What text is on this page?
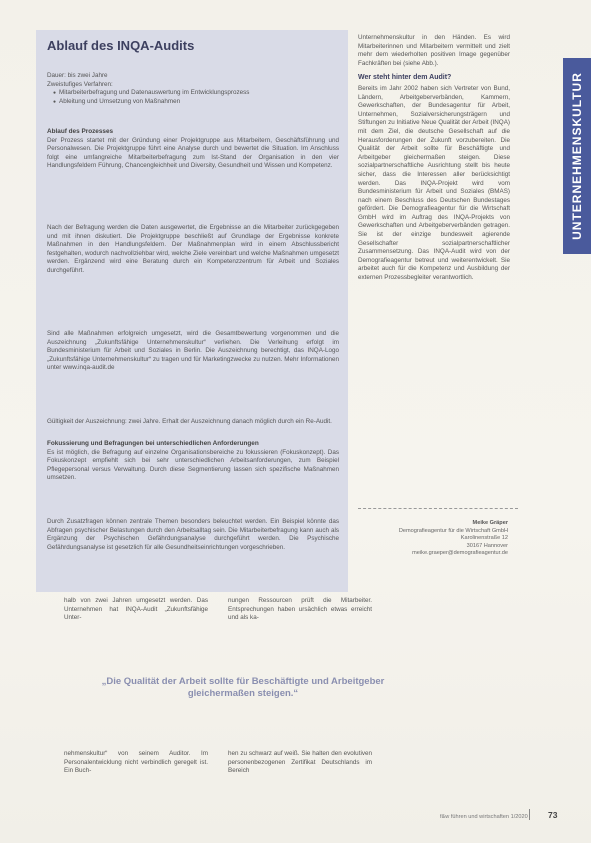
Ablauf des INQA-Audits
Dauer: bis zwei Jahre
Zweistufiges Verfahren:
● Mitarbeiterbefragung und Datenauswertung im Entwicklungsprozess
● Ableitung und Umsetzung von Maßnahmen
Ablauf des Prozesses

Der Prozess startet mit der Gründung einer Projektgruppe aus Mitarbeitern, Geschäftsführung und Personalwesen. Die Projektgruppe führt eine Analyse durch und bewertet die Situation. Im Anschluss folgt eine umfangreiche Mitarbeiterbefragung zum Ist-Stand der Organisation in den vier Handlungsfeldern Führung, Chancengleichheit und Diversity, Gesundheit und Wissen und Kompetenz.

Nach der Befragung werden die Daten ausgewertet, die Ergebnisse an die Mitarbeiter zurückgegeben und mit ihnen diskutiert. Die Projektgruppe beschließt auf Grundlage der Ergebnisse konkrete Maßnahmen in den Handlungsfeldern. Der Maßnahmenplan wird in einem Abschlussbericht festgehalten, wodurch nachvollziehbar wird, welche Ziele vereinbart und welche Maßnahmen umgesetzt werden. Ergänzend wird eine Beratung durch ein Kompetenzzentrum für Arbeit und Soziales durchgeführt.

Sind alle Maßnahmen erfolgreich umgesetzt, wird die Gesamtbewertung vorgenommen und die Auszeichnung „Zukunftsfähige Unternehmenskultur“ verliehen. Die Verleihung erfolgt im Bundesministerium für Arbeit und Soziales in Berlin. Die Auszeichnung berechtigt, das INQA-Logo „Zukunftsfähige Unternehmenskultur“ zu tragen und für Marketingzwecke zu nutzen. Mehr Informationen unter www.inqa-audit.de

Gültigkeit der Auszeichnung: zwei Jahre. Erhalt der Auszeichnung danach möglich durch ein Re-Audit.

Fokussierung und Befragungen bei unterschiedlichen Anforderungen

Es ist möglich, die Befragung auf einzelne Organisationsbereiche zu fokussieren (Fokuskonzept). Das Fokuskonzept empfiehlt sich bei sehr unterschiedlichen Arbeitsanforderungen, zum Beispiel Pflegepersonal versus Verwaltung. Durch diese Segmentierung lassen sich spezifische Maßnahmen umsetzen.

Durch Zusatzfragen können zentrale Themen besonders beleuchtet werden. Ein Beispiel könnte das Abfragen psychischer Belastungen durch den Arbeitsalltag sein. Die Mitarbeiterbefragung kann auch als Ergänzung der Psychischen Gefährdungsanalyse durchgeführt werden. Die Psychische Gefährdungsanalyse ist gesetzlich für alle Gesundheitseinrichtungen vorgeschrieben.

Unternehmenskultur in den Händen. Es wird Mitarbeiterinnen und Mitarbeitern vermittelt und zielt mehr dem wiederholten positiven Image gegenüber Fachkräften bei (siehe Abb.).

Wer steht hinter dem Audit?

Bereits im Jahr 2002 haben sich Vertreter von Bund, Ländern, Arbeitgeberverbänden, Kammern, Gewerkschaften, der Bundesagentur für Arbeit, Unternehmen, Sozialversicherungsträgern und Stiftungen zu Initiative Neue Qualität der Arbeit (INQA) mit dem Ziel, die deutsche Gesellschaft auf die Herausforderungen der Zukunft vorzubereiten. Die Qualität der Arbeit sollte für Beschäftigte und Arbeitgeber gleichermaßen steigen. Diese sozialpartnerschaftliche Ausrichtung stellt bis heute sicher, dass die Interessen aller berücksichtigt werden. Das INQA-Projekt wird vom Bundesministerium für Arbeit und Soziales (BMAS) nach einem Beschluss des Deutschen Bundestages gefördert. Die Demografieagentur für die Wirtschaft GmbH wird im Auftrag des INQA-Projekts von Gewerkschaften und Arbeitgeberverbänden getragen. Sie ist der einzige bundesweit agierende Gesellschafter sozialpartnerschaftlicher Zusammensetzung. Das INQA-Audit wird von der Demografieagentur betreut und weiterentwickelt. Sie arbeitet auch für die Kompetenz und Ausbildung der externen Prozessbegleiter verantwortlich.

UNTERNEHMENSKULTUR
Meike Gräper
Demografieagentur für die Wirtschaft GmbH
Karolinenstraße 12
30167 Hannover
meike.graeper@demografieagentur.de

halb von zwei Jahren umgesetzt werden. Das Unternehmen hat INQA-Audit „Zukunftsfähige Unter-

nungen Ressourcen prüft die Mitarbeiter. Entsprechungen haben ursächlich etwas erreicht und als ka-

„Die Qualität der Arbeit sollte für Beschäftigte und Arbeitgeber gleichermaßen steigen.“

nehmenskultur“ von seinem Auditor. Im Personalentwicklung nicht verbindlich geregelt ist. Ein Buch-

hen zu schwarz auf weiß. Sie halten den evolutiven personenbezogenen Zertifikat Deutschlands im Bereich

f&w führen und wirtschaften 1/2020 73
